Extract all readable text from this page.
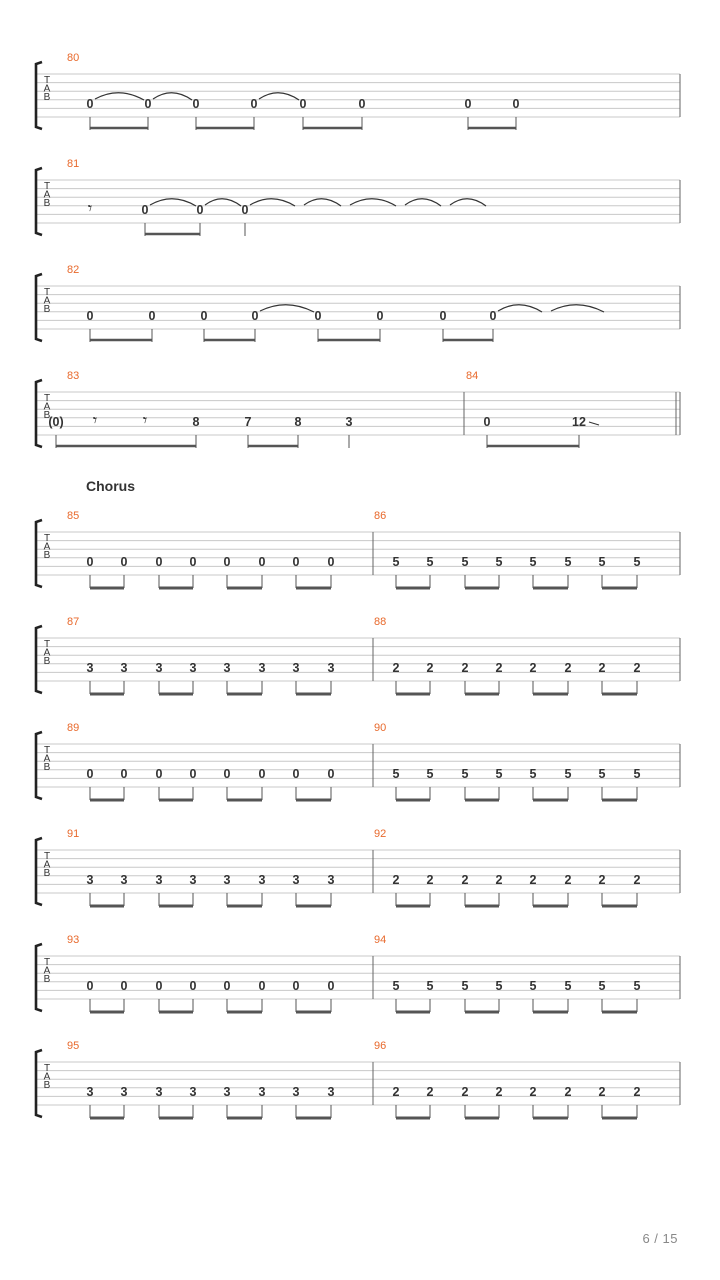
T
A
B
80
0	0	0	0	0	0	0	0
T
A
B
81
𝄾	0	0	0
T
A
B
82
0	0	0	0	0	0	0	0
T
A
B
83
(0) 𝄾	𝄾	8	7	8	3
84
0	12
T
A
B
85
0 0 0 0 0 0 0 0
86
5 5 5 5 5 5 5 5
T
A
B
87
3 3 3 3 3 3 3 3
88
2 2 2 2 2 2 2 2
T
A
B
89
0 0 0 0 0 0 0 0
90
5 5 5 5 5 5 5 5
T
A
B
91
3 3 3 3 3 3 3 3
92
2 2 2 2 2 2 2 2
T
A
B
93
0 0 0 0 0 0 0 0
94
5 5 5 5 5 5 5 5
T
A
B
95
3 3 3 3 3 3 3 3
96
2 2 2 2 2 2 2 2
Chorus
6 / 15
